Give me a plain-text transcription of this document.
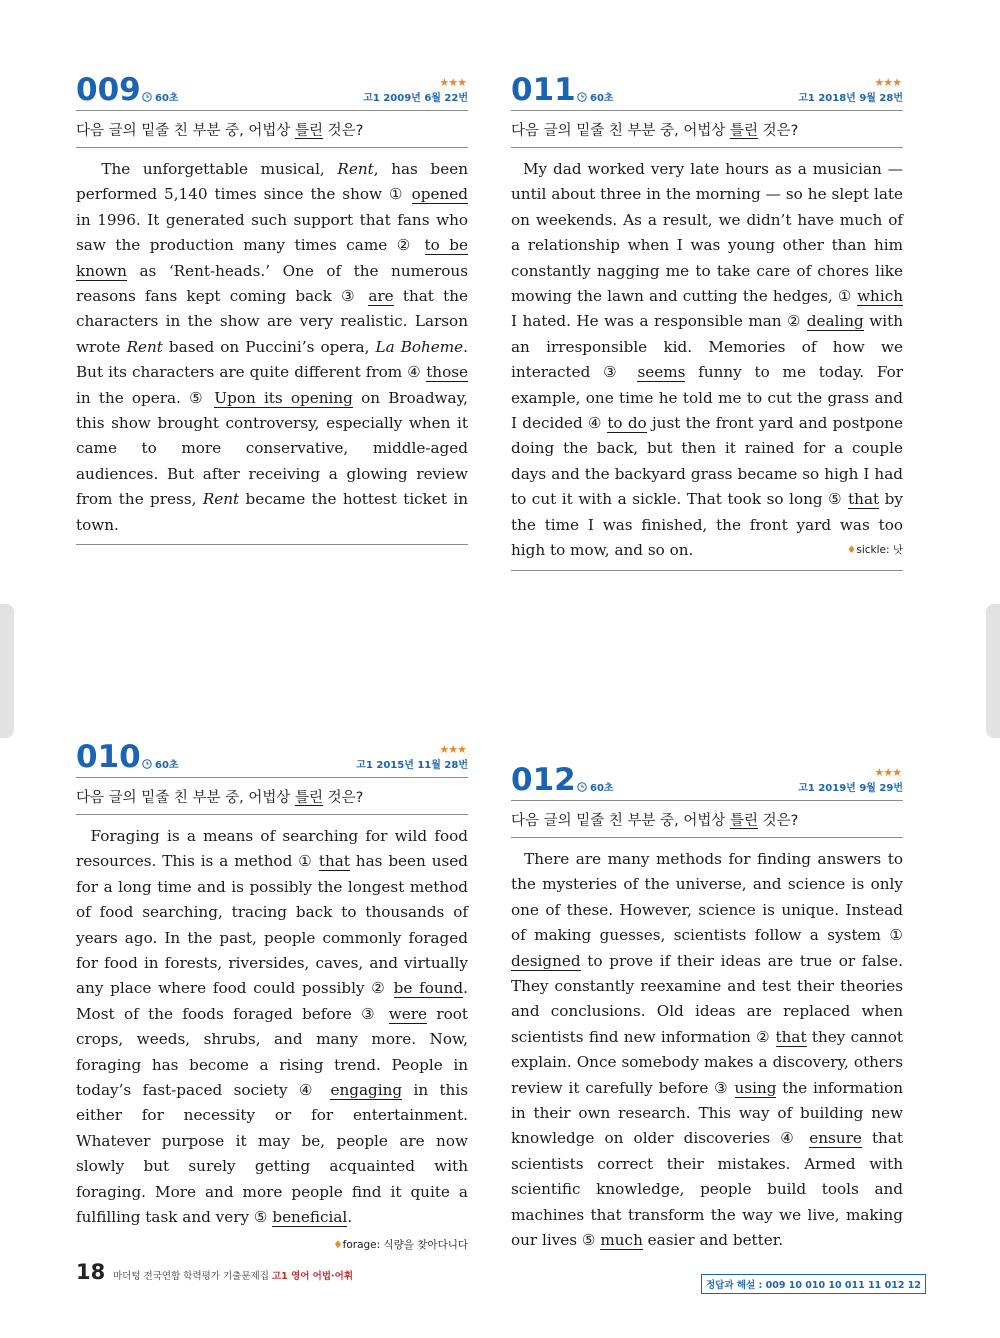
009 60초
★★★
고1 2009년 6월 22번
다음 글의 밑줄 친 부분 중, 어법상 틀린 것은?
The unforgettable musical, Rent, has been performed 5,140 times since the show ① opened in 1996. It generated such support that fans who saw the production many times came ② to be known as ‘Rent-heads.’ One of the numerous reasons fans kept coming back ③ are that the characters in the show are very realistic. Larson wrote Rent based on Puccini’s opera, La Boheme. But its characters are quite different from ④ those in the opera. ⑤ Upon its opening on Broadway, this show brought controversy, especially when it came to more conservative, middle-aged audiences. But after receiving a glowing review from the press, Rent became the hottest ticket in town.
011 60초
★★★
고1 2018년 9월 28번
다음 글의 밑줄 친 부분 중, 어법상 틀린 것은?
My dad worked very late hours as a musician — until about three in the morning — so he slept late on weekends. As a result, we didn’t have much of a relationship when I was young other than him constantly nagging me to take care of chores like mowing the lawn and cutting the hedges, ① which I hated. He was a responsible man ② dealing with an irresponsible kid. Memories of how we interacted ③ seems funny to me today. For example, one time he told me to cut the grass and I decided ④ to do just the front yard and postpone doing the back, but then it rained for a couple days and the backyard grass became so high I had to cut it with a sickle. That took so long ⑤ that by the time I was finished, the front yard was too high to mow, and so on.	♦sickle: 낫
010 60초
★★★
고1 2015년 11월 28번
다음 글의 밑줄 친 부분 중, 어법상 틀린 것은?
Foraging is a means of searching for wild food resources. This is a method ① that has been used for a long time and is possibly the longest method of food searching, tracing back to thousands of years ago. In the past, people commonly foraged for food in forests, riversides, caves, and virtually any place where food could possibly ② be found. Most of the foods foraged before ③ were root crops, weeds, shrubs, and many more. Now, foraging has become a rising trend. People in today’s fast-paced society ④ engaging in this either for necessity or for entertainment. Whatever purpose it may be, people are now slowly but surely getting acquainted with foraging. More and more people find it quite a fulfilling task and very ⑤ beneficial.
♦forage: 식량을 찾아다니다
012 60초
★★★
고1 2019년 9월 29번
다음 글의 밑줄 친 부분 중, 어법상 틀린 것은?
There are many methods for finding answers to the mysteries of the universe, and science is only one of these. However, science is unique. Instead of making guesses, scientists follow a system ① designed to prove if their ideas are true or false. They constantly reexamine and test their theories and conclusions. Old ideas are replaced when scientists find new information ② that they cannot explain. Once somebody makes a discovery, others review it carefully before ③ using the information in their own research. This way of building new knowledge on older discoveries ④ ensure that scientists correct their mistakes. Armed with scientific knowledge, people build tools and machines that transform the way we live, making our lives ⑤ much easier and better.
18 마더텅 전국연합 학력평가 기출문제집 고1 영어 어법·어휘
정답과 해설 : 009 10 010 10 011 11 012 12
